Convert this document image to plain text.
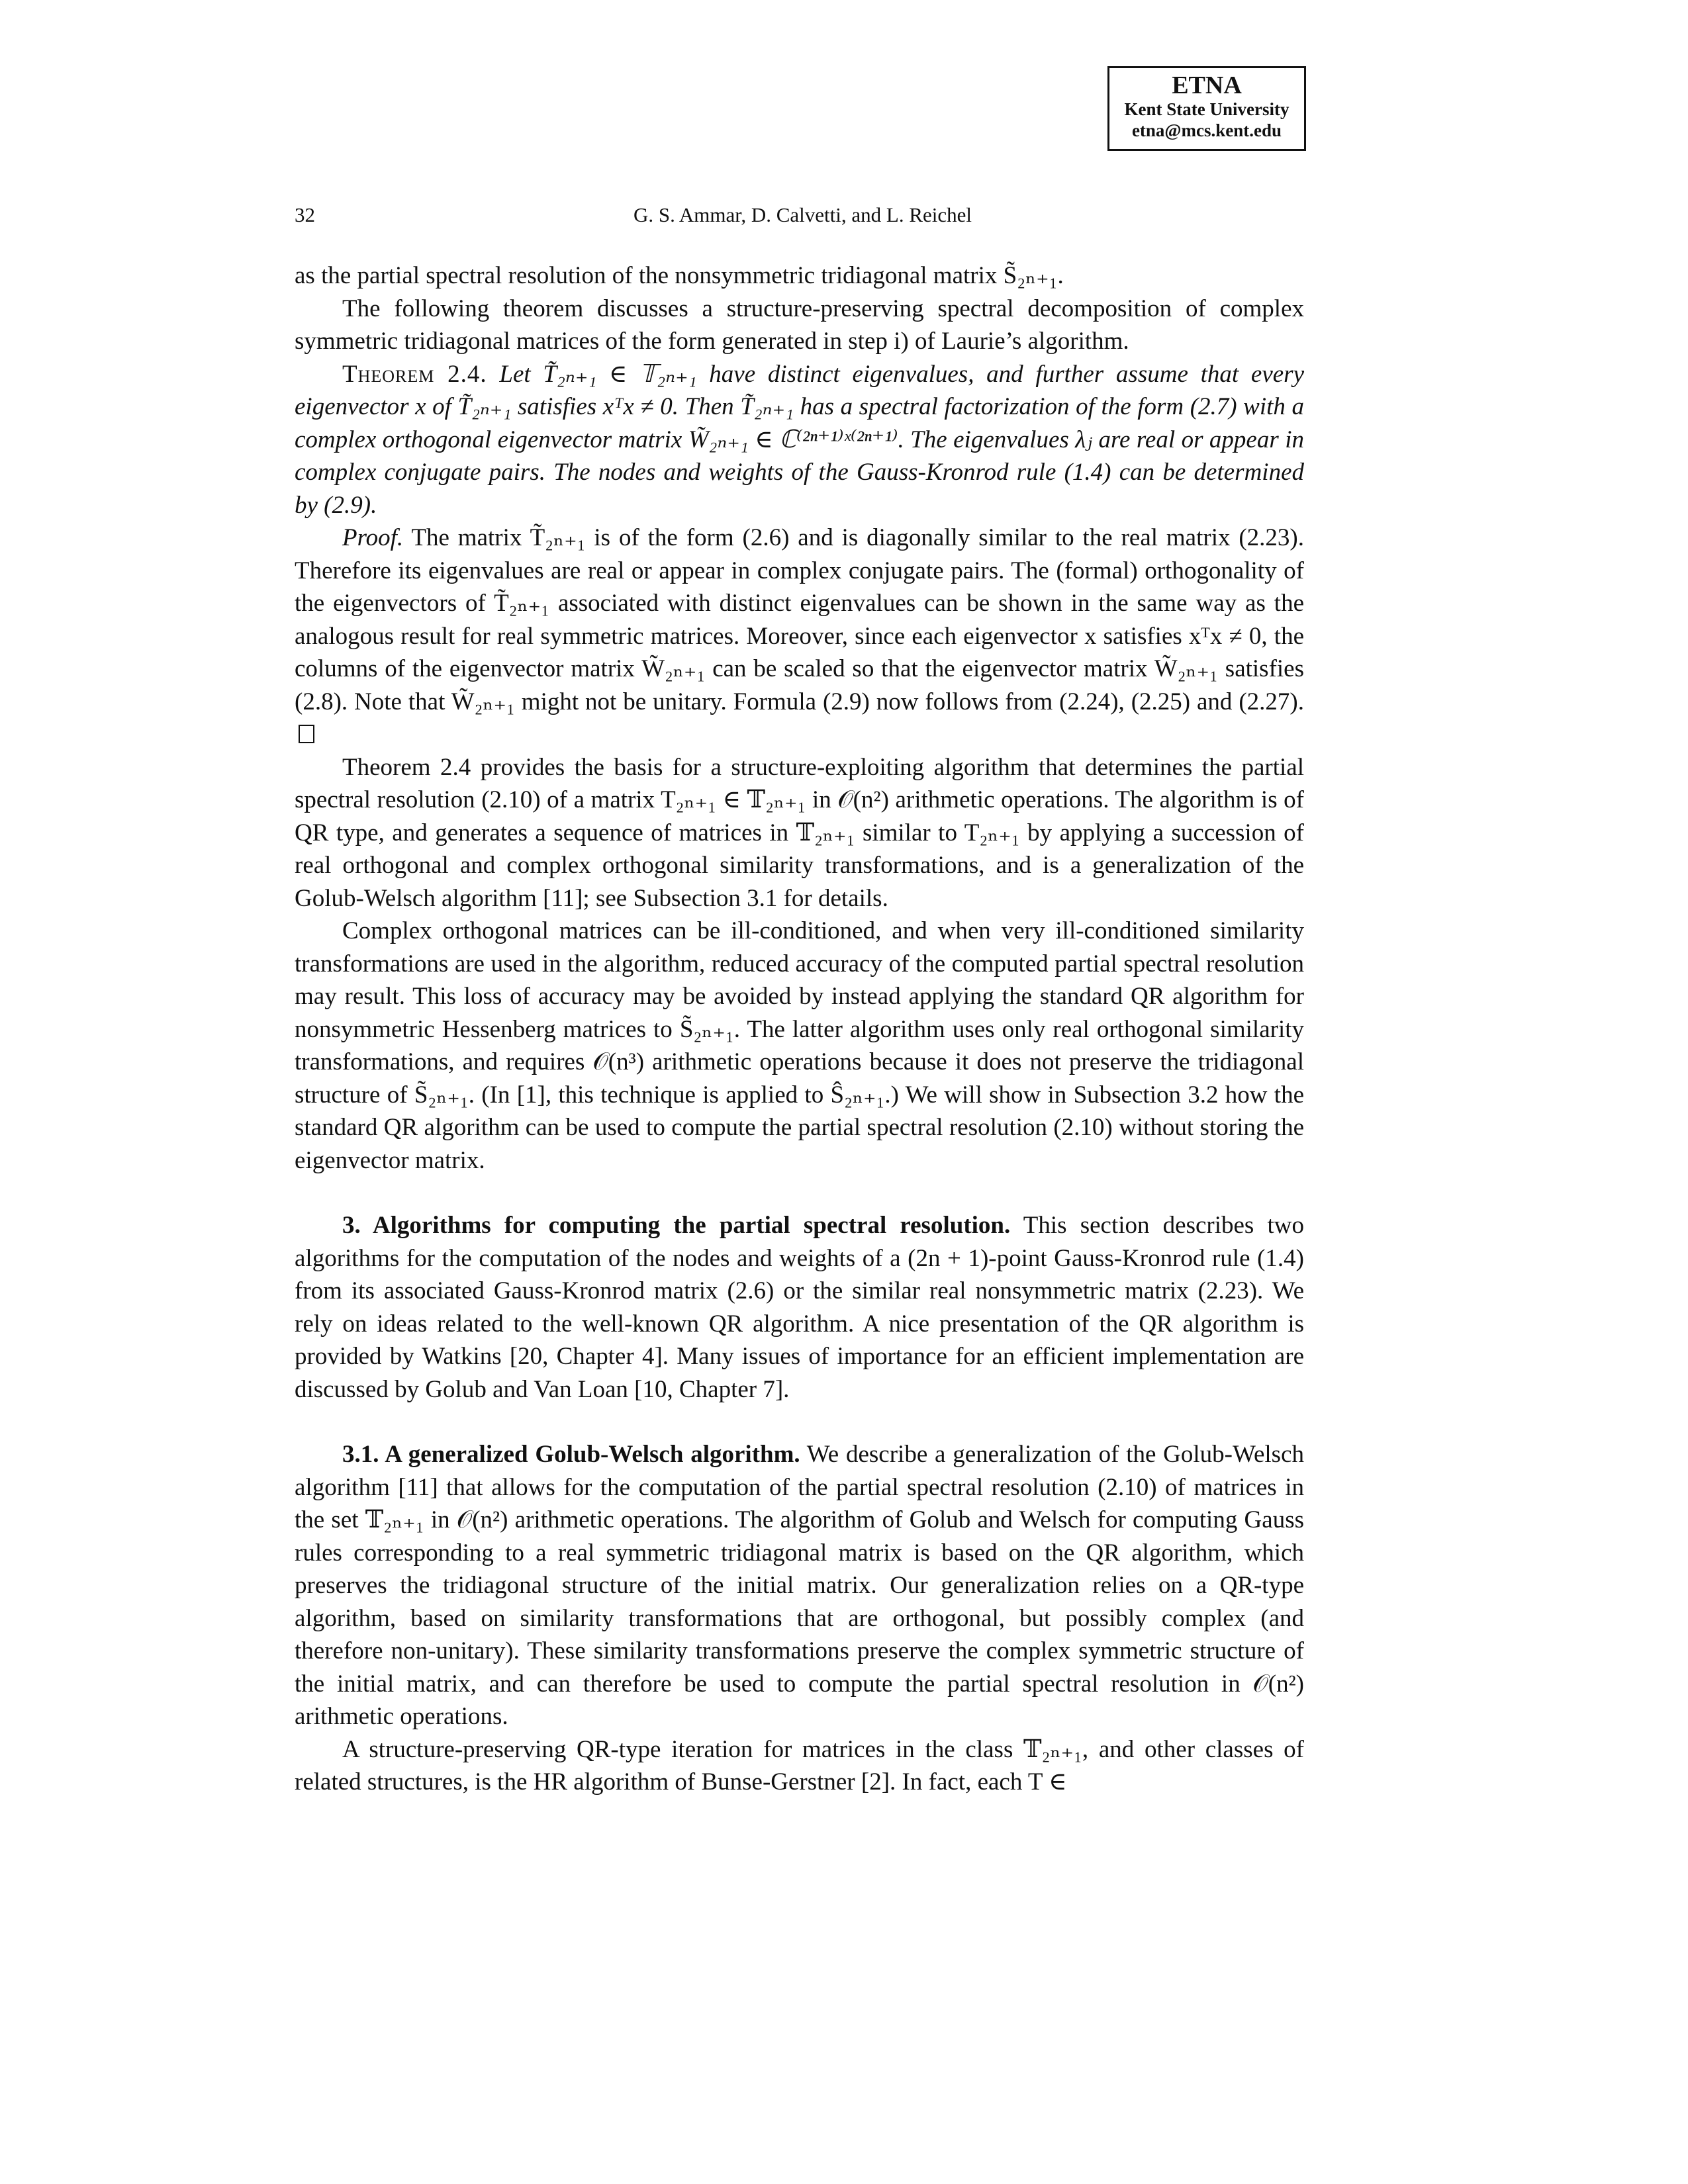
ETNA
Kent State University
etna@mcs.kent.edu
32	G. S. Ammar, D. Calvetti, and L. Reichel

as the partial spectral resolution of the nonsymmetric tridiagonal matrix S̃₂ₙ₊₁.

The following theorem discusses a structure-preserving spectral decomposition of complex symmetric tridiagonal matrices of the form generated in step i) of Laurie’s algorithm.

Theorem 2.4. Let T̃₂ₙ₊₁ ∈ 𝕋₂ₙ₊₁ have distinct eigenvalues, and further assume that every eigenvector x of T̃₂ₙ₊₁ satisfies xᵀx ≠ 0. Then T̃₂ₙ₊₁ has a spectral factorization of the form (2.7) with a complex orthogonal eigenvector matrix W̃₂ₙ₊₁ ∈ ℂ⁽²ⁿ⁺¹⁾ˣ⁽²ⁿ⁺¹⁾. The eigenvalues λⱼ are real or appear in complex conjugate pairs. The nodes and weights of the Gauss-Kronrod rule (1.4) can be determined by (2.9).

Proof. The matrix T̃₂ₙ₊₁ is of the form (2.6) and is diagonally similar to the real matrix (2.23). Therefore its eigenvalues are real or appear in complex conjugate pairs. The (formal) orthogonality of the eigenvectors of T̃₂ₙ₊₁ associated with distinct eigenvalues can be shown in the same way as the analogous result for real symmetric matrices. Moreover, since each eigenvector x satisfies xᵀx ≠ 0, the columns of the eigenvector matrix W̃₂ₙ₊₁ can be scaled so that the eigenvector matrix W̃₂ₙ₊₁ satisfies (2.8). Note that W̃₂ₙ₊₁ might not be unitary. Formula (2.9) now follows from (2.24), (2.25) and (2.27).

Theorem 2.4 provides the basis for a structure-exploiting algorithm that determines the partial spectral resolution (2.10) of a matrix T₂ₙ₊₁ ∈ 𝕋₂ₙ₊₁ in 𝒪(n²) arithmetic operations. The algorithm is of QR type, and generates a sequence of matrices in 𝕋₂ₙ₊₁ similar to T₂ₙ₊₁ by applying a succession of real orthogonal and complex orthogonal similarity transformations, and is a generalization of the Golub-Welsch algorithm [11]; see Subsection 3.1 for details.

Complex orthogonal matrices can be ill-conditioned, and when very ill-conditioned similarity transformations are used in the algorithm, reduced accuracy of the computed partial spectral resolution may result. This loss of accuracy may be avoided by instead applying the standard QR algorithm for nonsymmetric Hessenberg matrices to S̃₂ₙ₊₁. The latter algorithm uses only real orthogonal similarity transformations, and requires 𝒪(n³) arithmetic operations because it does not preserve the tridiagonal structure of S̃₂ₙ₊₁. (In [1], this technique is applied to Ŝ₂ₙ₊₁.) We will show in Subsection 3.2 how the standard QR algorithm can be used to compute the partial spectral resolution (2.10) without storing the eigenvector matrix.

3. Algorithms for computing the partial spectral resolution. This section describes two algorithms for the computation of the nodes and weights of a (2n + 1)-point Gauss-Kronrod rule (1.4) from its associated Gauss-Kronrod matrix (2.6) or the similar real nonsymmetric matrix (2.23). We rely on ideas related to the well-known QR algorithm. A nice presentation of the QR algorithm is provided by Watkins [20, Chapter 4]. Many issues of importance for an efficient implementation are discussed by Golub and Van Loan [10, Chapter 7].

3.1. A generalized Golub-Welsch algorithm. We describe a generalization of the Golub-Welsch algorithm [11] that allows for the computation of the partial spectral resolution (2.10) of matrices in the set 𝕋₂ₙ₊₁ in 𝒪(n²) arithmetic operations. The algorithm of Golub and Welsch for computing Gauss rules corresponding to a real symmetric tridiagonal matrix is based on the QR algorithm, which preserves the tridiagonal structure of the initial matrix. Our generalization relies on a QR-type algorithm, based on similarity transformations that are orthogonal, but possibly complex (and therefore non-unitary). These similarity transformations preserve the complex symmetric structure of the initial matrix, and can therefore be used to compute the partial spectral resolution in 𝒪(n²) arithmetic operations.

A structure-preserving QR-type iteration for matrices in the class 𝕋₂ₙ₊₁, and other classes of related structures, is the HR algorithm of Bunse-Gerstner [2]. In fact, each T ∈
